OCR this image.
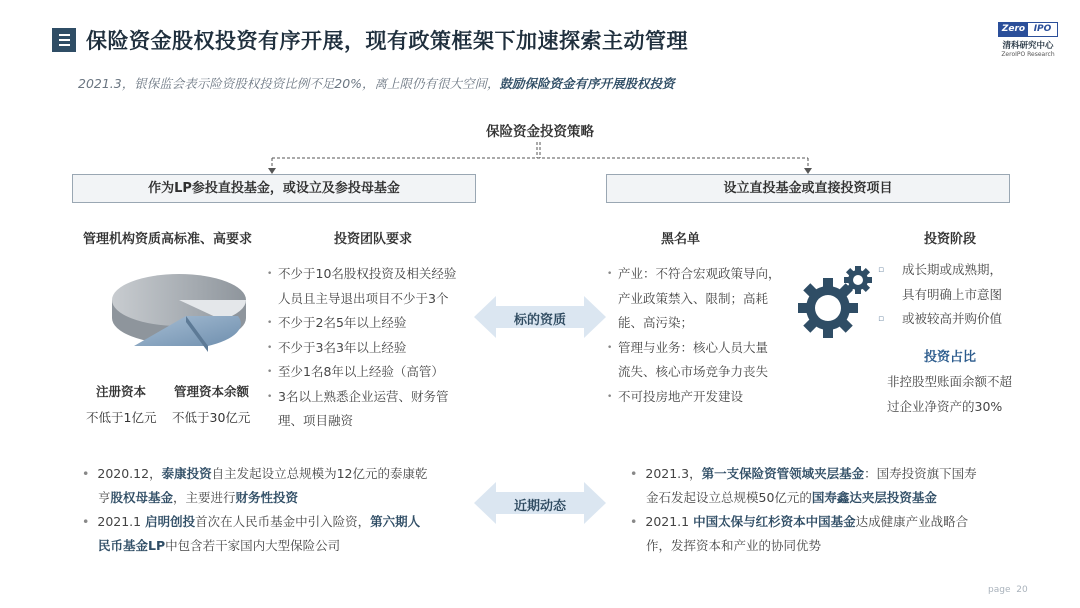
保险资金股权投资有序开展，现有政策框架下加速探索主动管理
2021.3，银保监会表示险资股权投资比例不足20%，离上限仍有很大空间，鼓励保险资金有序开展股权投资
Zero IPO
清科研究中心
ZeroIPO Research
保险资金投资策略
作为LP参投直投基金，或设立及参投母基金	设立直投基金或直接投资项目
管理机构资质高标准、高要求	投资团队要求
注册资本
不低于1亿元
管理资本余额
不低于30亿元
• 不少于10名股权投资及相关经验
人员且主导退出项目不少于3个
• 不少于2名5年以上经验
• 不少于3名3年以上经验
• 至少1名8年以上经验（高管）
• 3名以上熟悉企业运营、财务管
理、项目融资
标的资质
近期动态
黑名单
• 产业：不符合宏观政策导向，
产业政策禁入、限制；高耗
能、高污染；
• 管理与业务：核心人员大量
流失、核心市场竞争力丧失
• 不可投房地产开发建设
投资阶段
▫ 成长期或成熟期，
具有明确上市意图
▫ 或被较高并购价值
投资占比
非控股型账面余额不超
过企业净资产的30%
• 2020.12，泰康投资自主发起设立总规模为12亿元的泰康乾
亨股权母基金，主要进行财务性投资
• 2021.1 启明创投首次在人民币基金中引入险资，第六期人
民币基金LP中包含若干家国内大型保险公司
• 2021.3，第一支保险资管领域夹层基金：国寿投资旗下国寿
金石发起设立总规模50亿元的国寿鑫达夹层投资基金
• 2021.1 中国太保与红杉资本中国基金达成健康产业战略合
作，发挥资本和产业的协同优势
page 20
